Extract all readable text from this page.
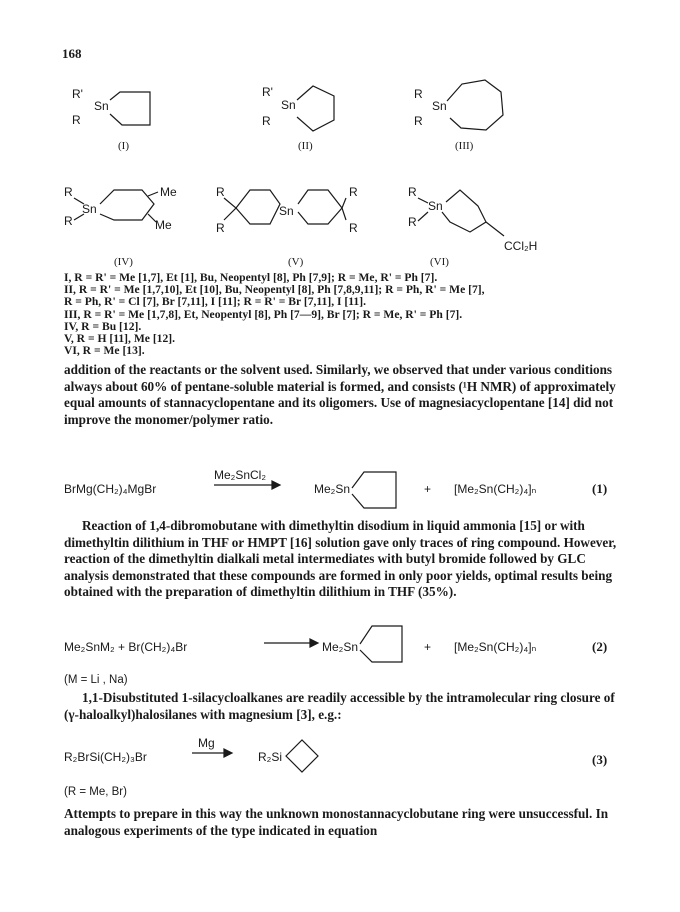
168
R'
Sn
R
R'
Sn
R
R
Sn
R
R
Sn
R
Me
Me
R
R
Sn
R
R
R
Sn
R
CCl₂H
(I)	(II)	(III)
(IV)	(V)	(VI)
I, R = R' = Me [1,7], Et [1], Bu, Neopentyl [8], Ph [7,9]; R = Me, R' = Ph [7].
II, R = R' = Me [1,7,10], Et [10], Bu, Neopentyl [8], Ph [7,8,9,11]; R = Ph, R' = Me [7],
R = Ph, R' = Cl [7], Br [7,11], I [11]; R = R' = Br [7,11], I [11].
III, R = R' = Me [1,7,8], Et, Neopentyl [8], Ph [7—9], Br [7]; R = Me, R' = Ph [7].
IV, R = Bu [12].
V, R = H [11], Me [12].
VI, R = Me [13].
addition of the reactants or the solvent used. Similarly, we observed that under various conditions always about 60% of pentane-soluble material is formed, and consists (¹H NMR) of approximately equal amounts of stannacyclopentane and its oligomers. Use of magnesiacyclopentane [14] did not improve the monomer/polymer ratio.
BrMg(CH₂)₄MgBr
Me₂SnCl₂
Me₂Sn	+ [Me₂Sn(CH₂)₄]ₙ	(1)
Reaction of 1,4-dibromobutane with dimethyltin disodium in liquid ammonia [15] or with dimethyltin dilithium in THF or HMPT [16] solution gave only traces of ring compound. However, reaction of the dimethyltin dialkali metal intermediates with butyl bromide followed by GLC analysis demonstrated that these compounds are formed in only poor yields, optimal results being obtained with the preparation of dimethyltin dilithium in THF (35%).
Me₂SnM₂ + Br(CH₂)₄Br	Me₂Sn	+ [Me₂Sn(CH₂)₄]ₙ	(2)
(M = Li , Na)
1,1-Disubstituted 1-silacycloalkanes are readily accessible by the intramolecular ring closure of (γ-haloalkyl)halosilanes with magnesium [3], e.g.:
R₂BrSi(CH₂)₃Br
Mg
R₂Si	(3)
(R = Me, Br)
Attempts to prepare in this way the unknown monostannacyclobutane ring were unsuccessful. In analogous experiments of the type indicated in equation
